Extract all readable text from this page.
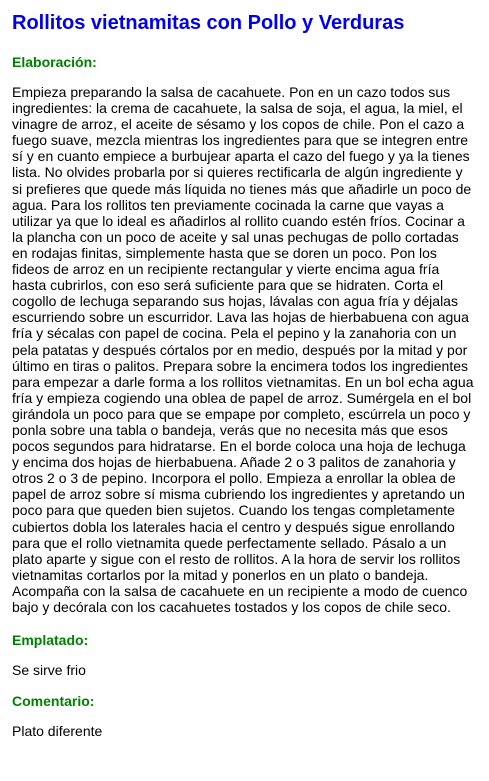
Rollitos vietnamitas con Pollo y Verduras
Elaboración:

Empieza preparando la salsa de cacahuete. Pon en un cazo todos sus ingredientes: la crema de cacahuete, la salsa de soja, el agua, la miel, el vinagre de arroz, el aceite de sésamo y los copos de chile. Pon el cazo a fuego suave, mezcla mientras los ingredientes para que se integren entre sí y en cuanto empiece a burbujear aparta el cazo del fuego y ya la tienes lista. No olvides probarla por si quieres rectificarla de algún ingrediente y si prefieres que quede más líquida no tienes más que añadirle un poco de agua. Para los rollitos ten previamente cocinada la carne que vayas a utilizar ya que lo ideal es añadirlos al rollito cuando estén fríos. Cocinar a la plancha con un poco de aceite y sal unas pechugas de pollo cortadas en rodajas finitas, simplemente hasta que se doren un poco. Pon los fideos de arroz en un recipiente rectangular y vierte encima agua fría hasta cubrirlos, con eso será suficiente para que se hidraten. Corta el cogollo de lechuga separando sus hojas, lávalas con agua fría y déjalas escurriendo sobre un escurridor. Lava las hojas de hierbabuena con agua fría y sécalas con papel de cocina. Pela el pepino y la zanahoria con un pela patatas y después córtalos por en medio, después por la mitad y por último en tiras o palitos. Prepara sobre la encimera todos los ingredientes para empezar a darle forma a los rollitos vietnamitas. En un bol echa agua fría y empieza cogiendo una oblea de papel de arroz. Sumérgela en el bol girándola un poco para que se empape por completo, escúrrela un poco y ponla sobre una tabla o bandeja, verás que no necesita más que esos pocos segundos para hidratarse. En el borde coloca una hoja de lechuga y encima dos hojas de hierbabuena. Añade 2 o 3 palitos de zanahoria y otros 2 o 3 de pepino. Incorpora el pollo. Empieza a enrollar la oblea de papel de arroz sobre sí misma cubriendo los ingredientes y apretando un poco para que queden bien sujetos. Cuando los tengas completamente cubiertos dobla los laterales hacia el centro y después sigue enrollando para que el rollo vietnamita quede perfectamente sellado. Pásalo a un plato aparte y sigue con el resto de rollitos. A la hora de servir los rollitos vietnamitas cortarlos por la mitad y ponerlos en un plato o bandeja. Acompaña con la salsa de cacahuete en un recipiente a modo de cuenco bajo y decórala con los cacahuetes tostados y los copos de chile seco.

Emplatado:

Se sirve frio

Comentario:

Plato diferente
